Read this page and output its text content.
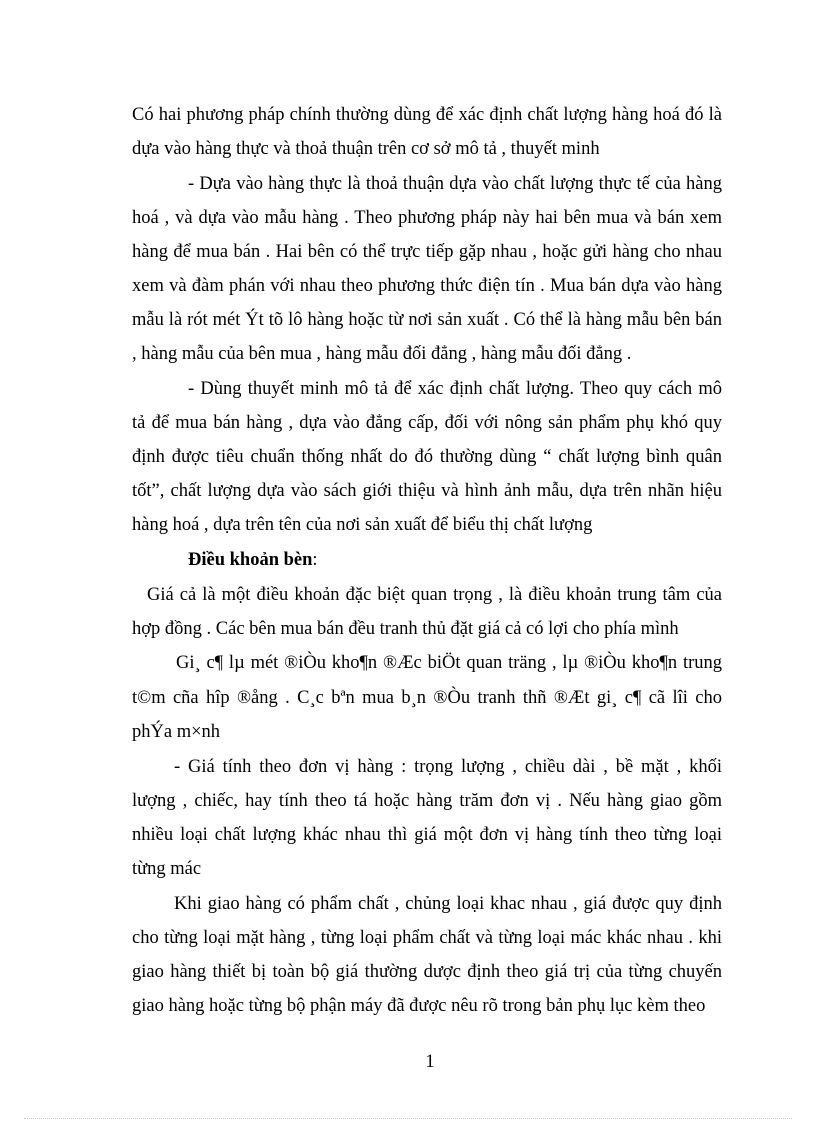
Có hai phương pháp chính thường dùng để xác định chất lượng hàng hoá đó là

dựa vào hàng thực và thoả thuận trên cơ sở mô tả , thuyết minh

- Dựa vào hàng thực là thoả thuận dựa vào chất lượng thực tế của hàng

hoá , và dựa vào mẫu hàng . Theo phương pháp này hai bên mua và bán xem

hàng để mua bán . Hai bên có thể trực tiếp gặp nhau , hoặc gửi hàng cho nhau

xem và đàm phán với nhau theo phương thức điện tín . Mua bán dựa vào hàng

mẫu là rót mét Ýt tõ lô hàng hoặc từ nơi sản xuất . Có thể là hàng mẫu bên bán

, hàng mẫu của bên mua , hàng mẫu đối đẳng , hàng mẫu đối đẳng .

- Dùng thuyết minh mô tả để xác định chất lượng. Theo quy cách mô

tả để mua bán hàng , dựa vào đẳng cấp, đối với nông sản phẩm phụ khó quy

định được tiêu chuẩn thống nhất do đó thường dùng “ chất lượng bình quân

tốt”, chất lượng dựa vào sách giới thiệu và hình ảnh mẫu, dựa trên nhãn hiệu

hàng hoá , dựa trên tên của nơi sản xuất để biểu thị chất lượng

Điều khoản bèn:

Giá cả là một điều khoản đặc biệt quan trọng , là điều khoản trung tâm của

hợp đồng . Các bên mua bán đều tranh thủ đặt giá cả có lợi cho phía mình

Gi¸ c¶ lµ mét ®iÒu kho¶n ®Æc biÖt quan träng , lµ ®iÒu kho¶n trung

t©m cña hîp ®ång . C¸c bªn mua b¸n ®Òu tranh thñ ®Æt gi¸ c¶ cã lîi cho

phÝa m×nh

- Giá tính theo đơn vị hàng : trọng lượng , chiều dài , bề mặt , khối

lượng , chiếc, hay tính theo tá hoặc hàng trăm đơn vị . Nếu hàng giao gồm

nhiều loại chất lượng khác nhau thì giá một đơn vị hàng tính theo từng loại

từng mác

Khi giao hàng có phẩm chất , chủng loại khac nhau , giá được quy định

cho từng loại mặt hàng , từng loại phẩm chất và từng loại mác khác nhau . khi

giao hàng thiết bị toàn bộ giá thường dược định theo giá trị của từng chuyến

giao hàng hoặc từng bộ phận máy đã được nêu rõ trong bản phụ lục kèm theo

1
